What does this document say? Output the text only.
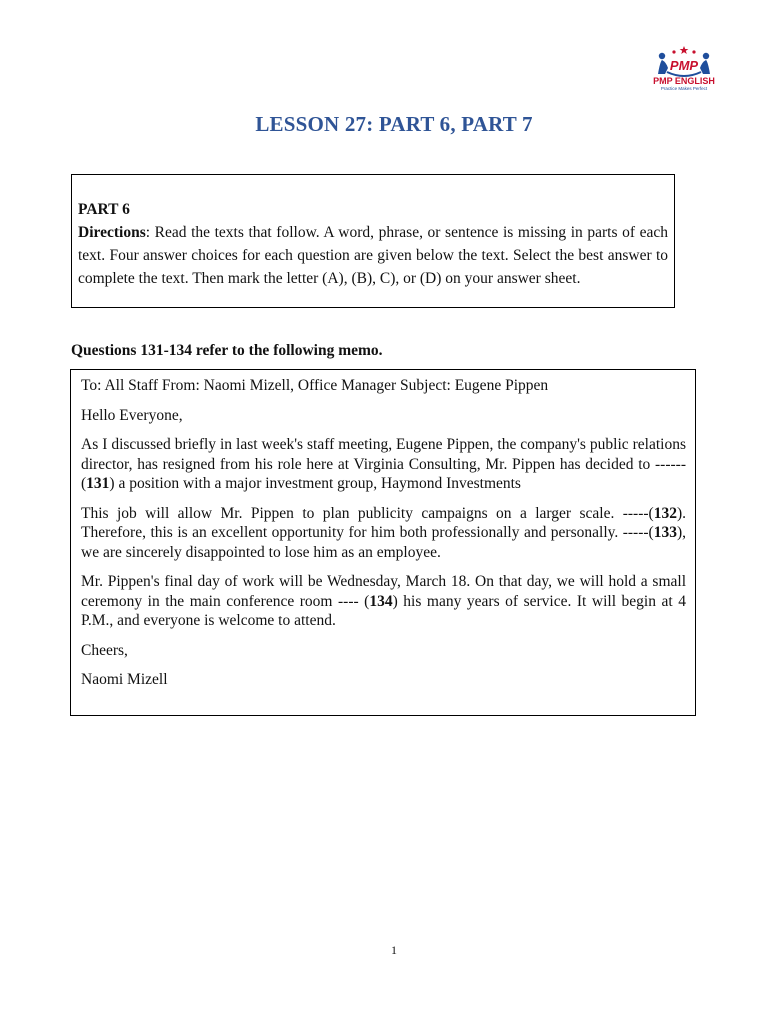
PMP
PMP ENGLISH
Practice Makes Perfect
LESSON 27: PART 6, PART 7
PART 6

Directions: Read the texts that follow. A word, phrase, or sentence is missing in parts of each text. Four answer choices for each question are given below the text. Select the best answer to complete the text. Then mark the letter (A), (B), C), or (D) on your answer sheet.

Questions 131-134 refer to the following memo.

To: All Staff From: Naomi Mizell, Office Manager Subject: Eugene Pippen

Hello Everyone,

As I discussed briefly in last week's staff meeting, Eugene Pippen, the company's public relations director, has resigned from his role here at Virginia Consulting, Mr. Pippen has decided to ------ (131) a position with a major investment group, Haymond Investments

This job will allow Mr. Pippen to plan publicity campaigns on a larger scale. -----(132). Therefore, this is an excellent opportunity for him both professionally and personally. -----(133), we are sincerely disappointed to lose him as an employee.

Mr. Pippen's final day of work will be Wednesday, March 18. On that day, we will hold a small ceremony in the main conference room ---- (134) his many years of service. It will begin at 4 P.M., and everyone is welcome to attend.

Cheers,

Naomi Mizell

1
